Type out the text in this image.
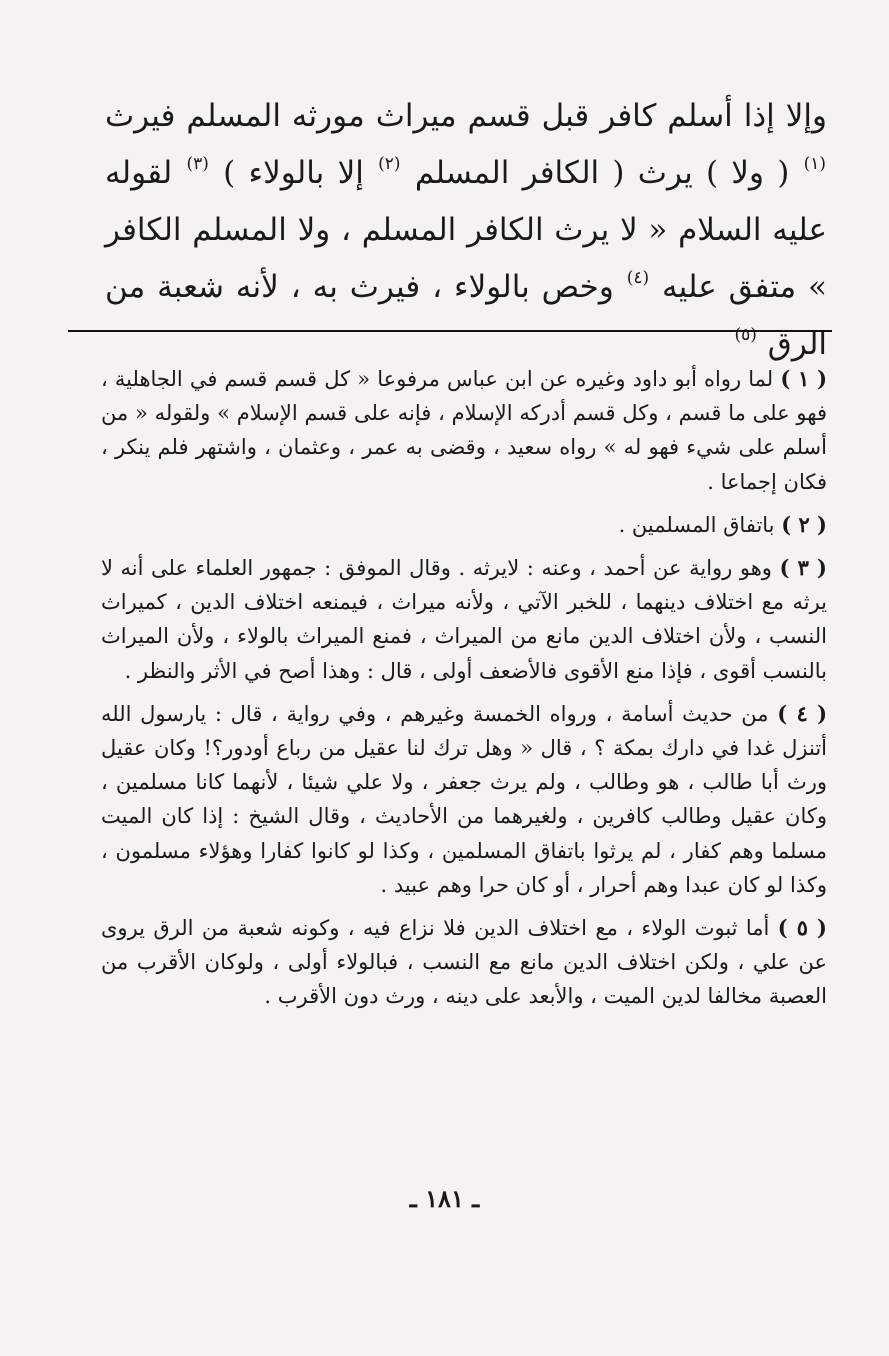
وإلا إذا أسلم كافر قبل قسم ميراث مورثه المسلم فيرث $^{(١)}$ ( ولا ) يرث ( الكافر المسلم $^{(٢)}$ إلا بالولاء ) $^{(٣)}$ لقوله عليه السلام « لا يرث الكافر المسلم ، ولا المسلم الكافر » متفق عليه $^{(٤)}$ وخص بالولاء ، فيرث به ، لأنه شعبة من الرق $^{(٥)}$

( ١ ) لما رواه أبو داود وغيره عن ابن عباس مرفوعا « كل قسم قسم في الجاهلية ، فهو على ما قسم ، وكل قسم أدركه الإسلام ، فإنه على قسم الإسلام » ولقوله « من أسلم على شيء فهو له » رواه سعيد ، وقضى به عمر ، وعثمان ، واشتهر فلم ينكر ، فكان إجماعا .

( ٢ ) باتفاق المسلمين .

( ٣ ) وهو رواية عن أحمد ، وعنه : لايرثه . وقال الموفق : جمهور العلماء على أنه لا يرثه مع اختلاف دينهما ، للخبر الآتي ، ولأنه ميراث ، فيمنعه اختلاف الدين ، كميراث النسب ، ولأن اختلاف الدين مانع من الميراث ، فمنع الميراث بالولاء ، ولأن الميراث بالنسب أقوى ، فإذا منع الأقوى فالأضعف أولى ، قال : وهذا أصح في الأثر والنظر .

( ٤ ) من حديث أسامة ، ورواه الخمسة وغيرهم ، وفي رواية ، قال : يارسول الله أتنزل غدا في دارك بمكة ؟ ، قال « وهل ترك لنا عقيل من رباع أودور؟! وكان عقيل ورث أبا طالب ، هو وطالب ، ولم يرث جعفر ، ولا علي شيئا ، لأنهما كانا مسلمين ، وكان عقيل وطالب كافرين ، ولغيرهما من الأحاديث ، وقال الشيخ : إذا كان الميت مسلما وهم كفار ، لم يرثوا باتفاق المسلمين ، وكذا لو كانوا كفارا وهؤلاء مسلمون ، وكذا لو كان عبدا وهم أحرار ، أو كان حرا وهم عبيد .

( ٥ ) أما ثبوت الولاء ، مع اختلاف الدين فلا نزاع فيه ، وكونه شعبة من الرق يروى عن علي ، ولكن اختلاف الدين مانع مع النسب ، فبالولاء أولى ، ولوكان الأقرب من العصبة مخالفا لدين الميت ، والأبعد على دينه ، ورث دون الأقرب .

ـ ١٨١ ـ
